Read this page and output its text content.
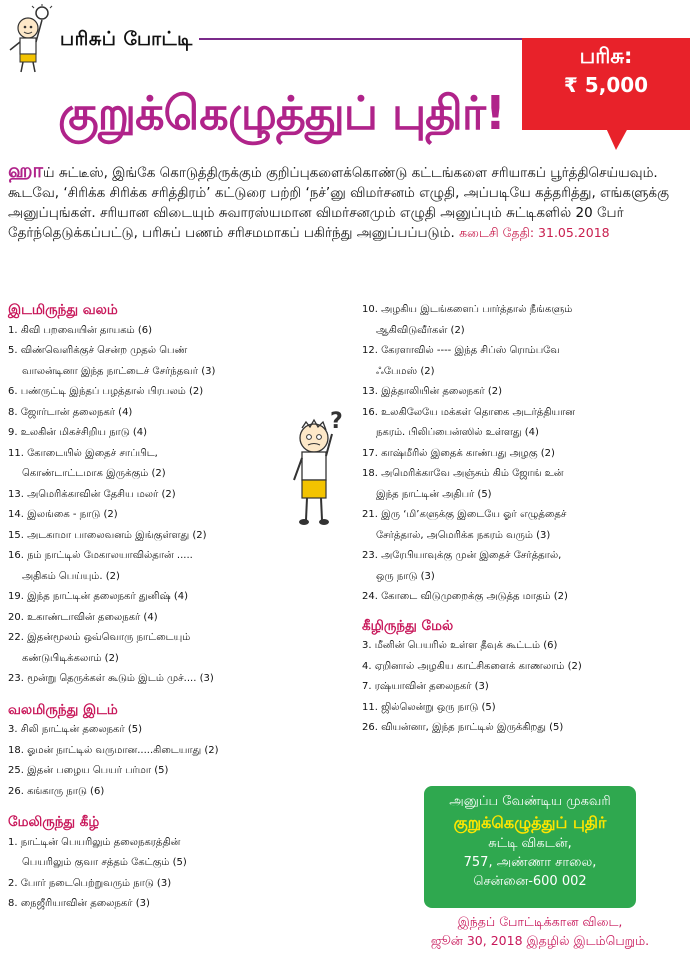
பரிசுப் போட்டி
குறுக்கெழுத்துப் புதிர்!
பரிசு:
₹ 5,000
ஹாய் சுட்டீஸ், இங்கே கொடுத்திருக்கும் குறிப்புகளைக்கொண்டு கட்டங்களை சரியாகப் பூர்த்திசெய்யவும். கூடவே, ‘சிரிக்க சிரிக்க சரித்திரம்’ கட்டுரை பற்றி ‘நச்’னு விமர்சனம் எழுதி, அப்படியே கத்தரித்து, எங்களுக்கு அனுப்புங்கள். சரியான விடையும் சுவாரஸ்யமான விமர்சனமும் எழுதி அனுப்பும் சுட்டிகளில் 20 பேர் தேர்ந்தெடுக்கப்பட்டு, பரிசுப் பணம் சரிசமமாகப் பகிர்ந்து அனுப்பப்படும். கடைசி தேதி: 31.05.2018
இடமிருந்து வலம்
1. கிவி பறவையின் தாயகம் (6)
5. விண்வெளிக்குச் சென்ற முதல் பெண்
வாலன்டினா இந்த நாட்டைச் சேர்ந்தவர் (3)
6. பண்ருட்டி இந்தப் பழத்தால் பிரபலம் (2)
8. ஜோர்டான் தலைநகர் (4)
9. உலகின் மிகச்சிறிய நாடு (4)
11. கோடையில் இதைச் சாப்பிட,
கொண்டாட்டமாக இருக்கும் (2)
13. அமெரிக்காவின் தேசிய மலர் (2)
14. இலங்கை - நாடு (2)
15. அடகாமா பாலைவனம் இங்குள்ளது (2)
16. நம் நாட்டில் மேகாலயாவில்தான் .....
அதிகம் பெய்யும். (2)
19. இந்த நாட்டின் தலைநகர் துனிஷ் (4)
20. உகாண்டாவின் தலைநகர் (4)
22. இதன்மூலம் ஒவ்வொரு நாட்டையும்
கண்டுபிடிக்கலாம் (2)
23. மூன்று தெருக்கள் கூடும் இடம் முச்.... (3)
வலமிருந்து இடம்
3. சிலி நாட்டின் தலைநகர் (5)
18. ஓமன் நாட்டில் வருமான.....கிடையாது (2)
25. இதன் பழைய பெயர் பர்மா (5)
26. கங்காரு நாடு (6)
மேலிருந்து கீழ்
1. நாட்டின் பெயரிலும் தலைநகரத்தின்
பெயரிலும் குவா சத்தம் கேட்கும் (5)
2. போர் நடைபெற்றுவரும் நாடு (3)
8. நைஜீரியாவின் தலைநகர் (3)
10. அழகிய இடங்களைப் பார்த்தால் நீங்களும்
ஆகிவிடுவீர்கள் (2)
12. கேரளாவில் ---- இந்த சிப்ஸ் ரொம்பவே
ஃபேமஸ் (2)
13. இத்தாலியின் தலைநகர் (2)
16. உலகிலேயே மக்கள் தொகை அடர்த்தியான
நகரம். பிலிப்பைன்ஸில் உள்ளது (4)
17. காஷ்மீரில் இதைக் காண்பது அழகு (2)
18. அமெரிக்காவே அஞ்சும் கிம் ஜோங் உன்
இந்த நாட்டின் அதிபர் (5)
21. இரு ‘மி’களுக்கு இடையே ஓர் எழுத்தைச்
சேர்த்தால், அமெரிக்க நகரம் வரும் (3)
23. அரேபியாவுக்கு முன் இதைச் சேர்த்தால்,
ஒரு நாடு (3)
24. கோடை விடுமுறைக்கு அடுத்த மாதம் (2)
கீழிருந்து மேல்
3. மீனின் பெயரில் உள்ள தீவுக் கூட்டம் (6)
4. ஏறினால் அழகிய காட்சிகளைக் காணலாம் (2)
7. ரஷ்யாவின் தலைநகர் (3)
11. ஜில்லென்று ஒரு நாடு (5)
26. வியன்னா, இந்த நாட்டில் இருக்கிறது (5)
?
அனுப்ப வேண்டிய முகவரி
குறுக்கெழுத்துப் புதிர்
சுட்டி விகடன்,
757, அண்ணா சாலை,
சென்னை-600 002
இந்தப் போட்டிக்கான விடை,
ஜூன் 30, 2018 இதழில் இடம்பெறும்.
